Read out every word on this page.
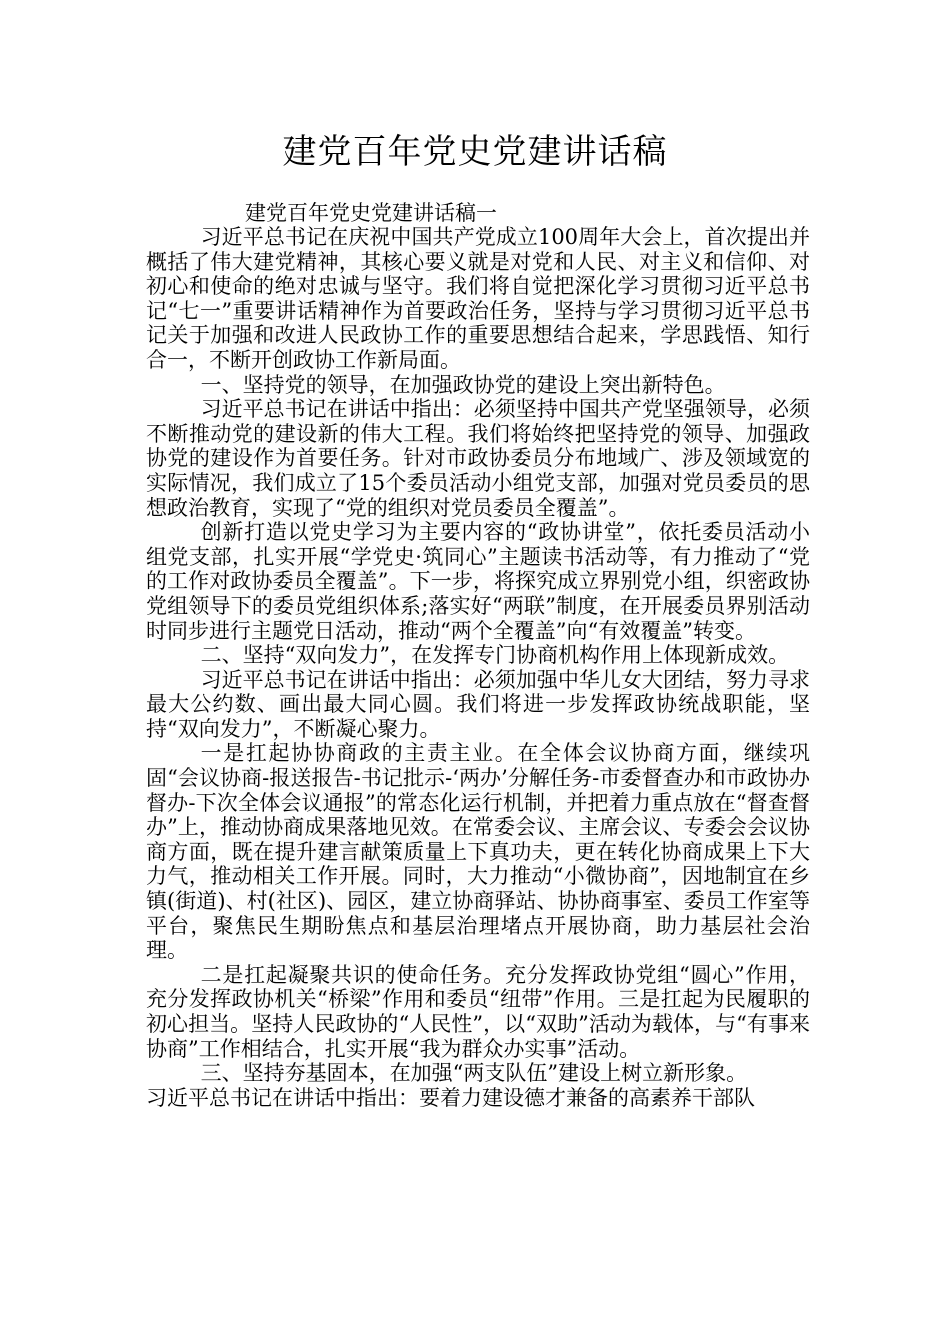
建党百年党史党建讲话稿
建党百年党史党建讲话稿一

习近平总书记在庆祝中国共产党成立100周年大会上，首次提出并概括了伟大建党精神，其核心要义就是对党和人民、对主义和信仰、对初心和使命的绝对忠诚与坚守。我们将自觉把深化学习贯彻习近平总书记“七一”重要讲话精神作为首要政治任务，坚持与学习贯彻习近平总书记关于加强和改进人民政协工作的重要思想结合起来，学思践悟、知行合一，不断开创政协工作新局面。

一、坚持党的领导，在加强政协党的建设上突出新特色。

习近平总书记在讲话中指出：必须坚持中国共产党坚强领导，必须不断推动党的建设新的伟大工程。我们将始终把坚持党的领导、加强政协党的建设作为首要任务。针对市政协委员分布地域广、涉及领域宽的实际情况，我们成立了15个委员活动小组党支部，加强对党员委员的思想政治教育，实现了“党的组织对党员委员全覆盖”。

创新打造以党史学习为主要内容的“政协讲堂”，依托委员活动小组党支部，扎实开展“学党史·筑同心”主题读书活动等，有力推动了“党的工作对政协委员全覆盖”。下一步，将探究成立界别党小组，织密政协党组领导下的委员党组织体系;落实好“两联”制度，在开展委员界别活动时同步进行主题党日活动，推动“两个全覆盖”向“有效覆盖”转变。

二、坚持“双向发力”，在发挥专门协商机构作用上体现新成效。

习近平总书记在讲话中指出：必须加强中华儿女大团结，努力寻求最大公约数、画出最大同心圆。我们将进一步发挥政协统战职能，坚持“双向发力”，不断凝心聚力。

一是扛起协协商政的主责主业。在全体会议协商方面，继续巩固“会议协商-报送报告-书记批示-‘两办’分解任务-市委督查办和市政协办督办-下次全体会议通报”的常态化运行机制，并把着力重点放在“督查督办”上，推动协商成果落地见效。在常委会议、主席会议、专委会会议协商方面，既在提升建言献策质量上下真功夫，更在转化协商成果上下大力气，推动相关工作开展。同时，大力推动“小微协商”，因地制宜在乡镇(街道)、村(社区)、园区，建立协商驿站、协协商事室、委员工作室等平台，聚焦民生期盼焦点和基层治理堵点开展协商，助力基层社会治理。

二是扛起凝聚共识的使命任务。充分发挥政协党组“圆心”作用，充分发挥政协机关“桥梁”作用和委员“纽带”作用。三是扛起为民履职的初心担当。坚持人民政协的“人民性”，以“双助”活动为载体，与“有事来协商”工作相结合，扎实开展“我为群众办实事”活动。

三、坚持夯基固本，在加强“两支队伍”建设上树立新形象。

习近平总书记在讲话中指出：要着力建设德才兼备的高素养干部队
